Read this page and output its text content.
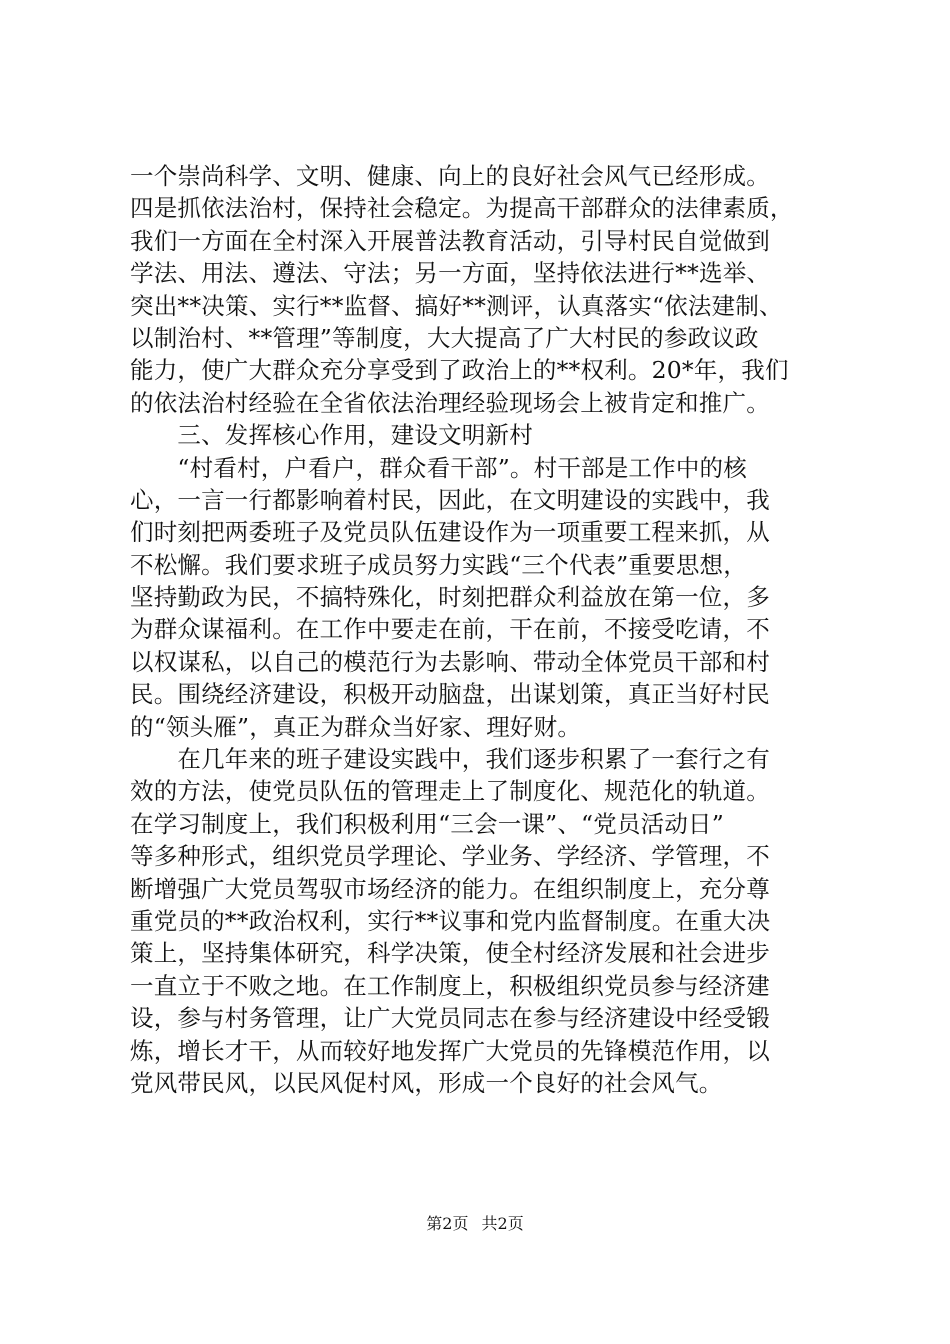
一个崇尚科学、文明、健康、向上的良好社会风气已经形成。
四是抓依法治村，保持社会稳定。为提高干部群众的法律素质，
我们一方面在全村深入开展普法教育活动，引导村民自觉做到
学法、用法、遵法、守法；另一方面，坚持依法进行**选举、
突出**决策、实行**监督、搞好**测评，认真落实“依法建制、
以制治村、**管理”等制度，大大提高了广大村民的参政议政
能力，使广大群众充分享受到了政治上的**权利。20*年，我们
的依法治村经验在全省依法治理经验现场会上被肯定和推广。
　　三、发挥核心作用，建设文明新村
　　“村看村，户看户，群众看干部”。村干部是工作中的核
心，一言一行都影响着村民，因此，在文明建设的实践中，我
们时刻把两委班子及党员队伍建设作为一项重要工程来抓，从
不松懈。我们要求班子成员努力实践“三个代表”重要思想，
坚持勤政为民，不搞特殊化，时刻把群众利益放在第一位，多
为群众谋福利。在工作中要走在前，干在前，不接受吃请，不
以权谋私，以自己的模范行为去影响、带动全体党员干部和村
民。围绕经济建设，积极开动脑盘，出谋划策，真正当好村民
的“领头雁”，真正为群众当好家、理好财。
　　在几年来的班子建设实践中，我们逐步积累了一套行之有
效的方法，使党员队伍的管理走上了制度化、规范化的轨道。
在学习制度上，我们积极利用“三会一课”、“党员活动日”
等多种形式，组织党员学理论、学业务、学经济、学管理，不
断增强广大党员驾驭市场经济的能力。在组织制度上，充分尊
重党员的**政治权利，实行**议事和党内监督制度。在重大决
策上，坚持集体研究，科学决策，使全村经济发展和社会进步
一直立于不败之地。在工作制度上，积极组织党员参与经济建
设，参与村务管理，让广大党员同志在参与经济建设中经受锻
炼，增长才干，从而较好地发挥广大党员的先锋模范作用，以
党风带民风，以民风促村风，形成一个良好的社会风气。
第2页 共2页
